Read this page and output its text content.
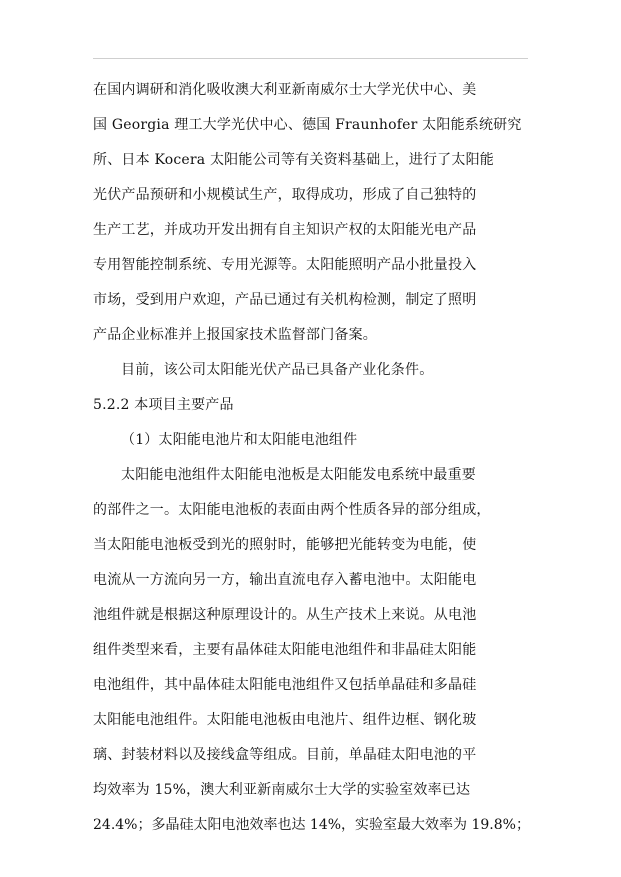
在国内调研和消化吸收澳大利亚新南威尔士大学光伏中心、美
国 Georgia 理工大学光伏中心、德国 Fraunhofer 太阳能系统研究
所、日本 Kocera 太阳能公司等有关资料基础上，进行了太阳能
光伏产品预研和小规模试生产，取得成功，形成了自己独特的
生产工艺，并成功开发出拥有自主知识产权的太阳能光电产品
专用智能控制系统、专用光源等。太阳能照明产品小批量投入
市场，受到用户欢迎，产品已通过有关机构检测，制定了照明
产品企业标准并上报国家技术监督部门备案。
目前，该公司太阳能光伏产品已具备产业化条件。
5.2.2 本项目主要产品
（1）太阳能电池片和太阳能电池组件
太阳能电池组件太阳能电池板是太阳能发电系统中最重要
的部件之一。太阳能电池板的表面由两个性质各异的部分组成，
当太阳能电池板受到光的照射时，能够把光能转变为电能，使
电流从一方流向另一方，输出直流电存入蓄电池中。太阳能电
池组件就是根据这种原理设计的。从生产技术上来说。从电池
组件类型来看，主要有晶体硅太阳能电池组件和非晶硅太阳能
电池组件，其中晶体硅太阳能电池组件又包括单晶硅和多晶硅
太阳能电池组件。太阳能电池板由电池片、组件边框、钢化玻
璃、封装材料以及接线盒等组成。目前，单晶硅太阳电池的平
均效率为 15%，澳大利亚新南威尔士大学的实验室效率已达
24.4%；多晶硅太阳电池效率也达 14%，实验室最大效率为 19.8%；
